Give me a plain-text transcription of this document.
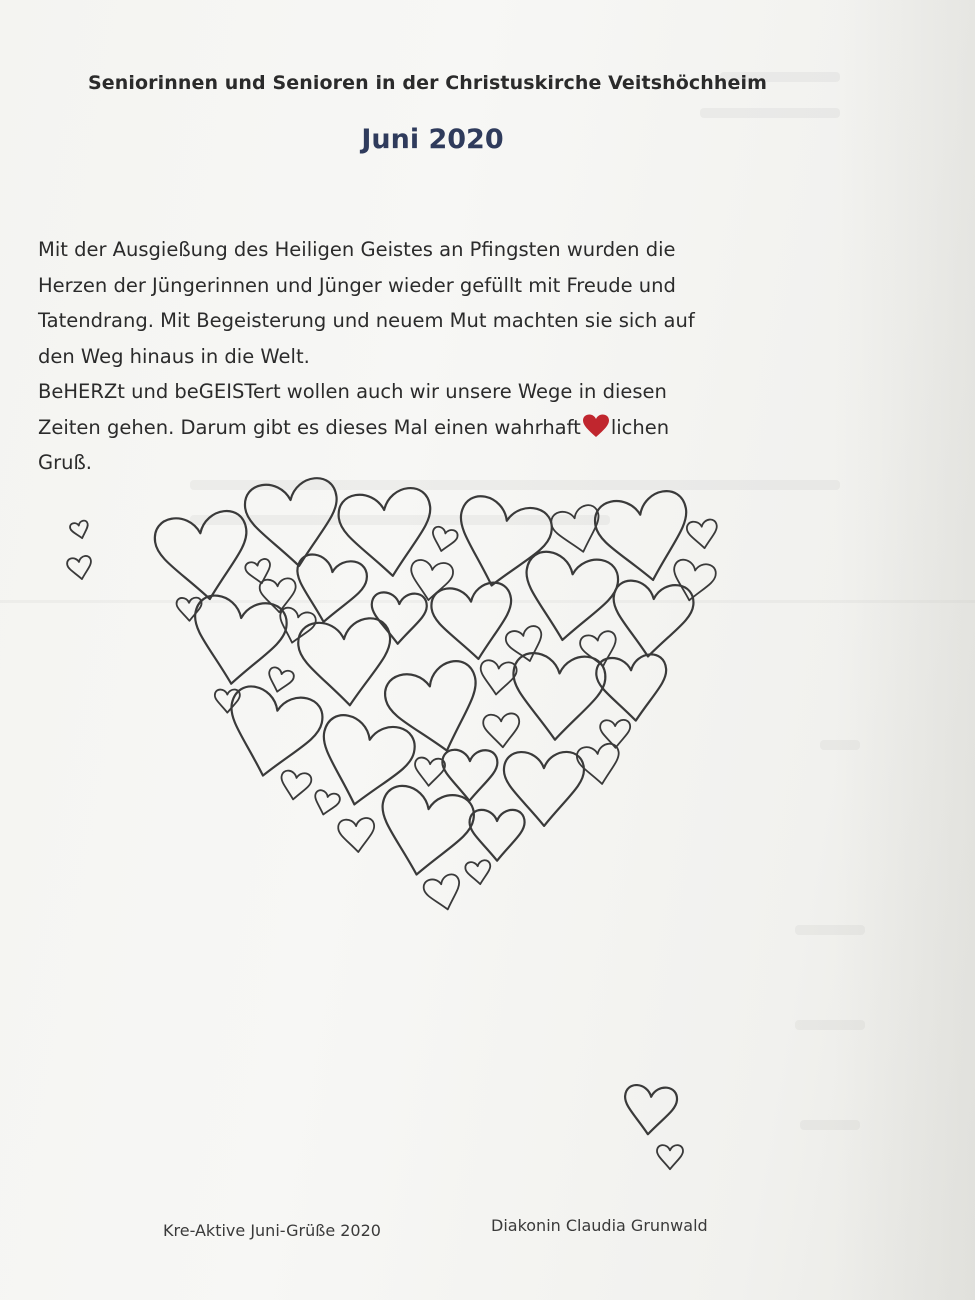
Seniorinnen und Senioren in der Christuskirche Veitshöchheim
Juni 2020

Mit der Ausgießung des Heiligen Geistes an Pfingsten wurden die

Herzen der Jüngerinnen und Jünger wieder gefüllt mit Freude und

Tatendrang. Mit Begeisterung und neuem Mut machten sie sich auf

den Weg hinaus in die Welt.

BeHERZt und beGEISTert wollen auch wir unsere Wege in diesen

Zeiten gehen. Darum gibt es dieses Mal einen wahrhaft lichen

Gruß.

Kre-Aktive Juni-Grüße 2020	Diakonin Claudia Grunwald
